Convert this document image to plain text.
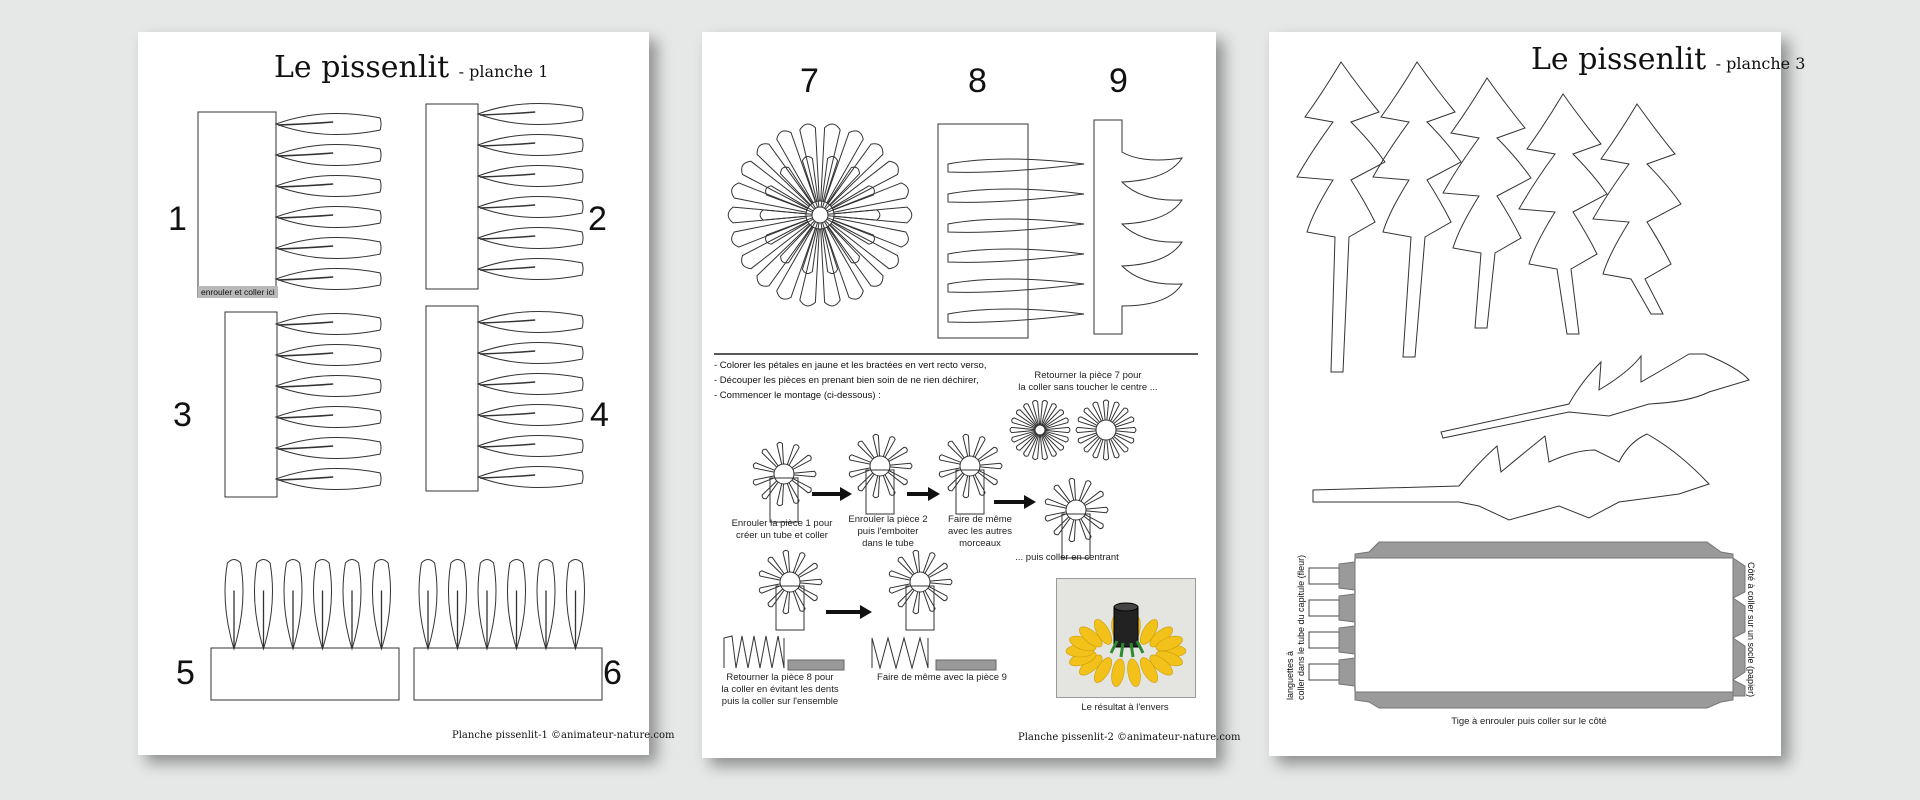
Le pissenlit - planche 1
1	2
3	4
5	6
enrouler et coller ici
Planche pissenlit-1 ©animateur-nature.com
7	8	9
- Colorer les pétales en jaune et les bractées en vert recto verso,
- Découper les pièces en prenant bien soin de ne rien déchirer,
- Commencer le montage (ci-dessous) :
Enrouler la pièce 1 pour
créer un tube et coller
Enrouler la pièce 2
puis l'emboiter
dans le tube
Faire de même
avec les autres
morceaux
Retourner la pièce 7 pour
la coller sans toucher le centre ...
... puis coller en centrant
Retourner la pièce 8 pour
la coller en évitant les dents
puis la coller sur l'ensemble
Faire de même avec la pièce 9
Le résultat à l'envers
Planche pissenlit-2 ©animateur-nature.com
Le pissenlit - planche 3
languettes à
coller dans le tube du capitule (fleur)	Côté à coller sur un socle (papier)
Tige à enrouler puis coller sur le côté
